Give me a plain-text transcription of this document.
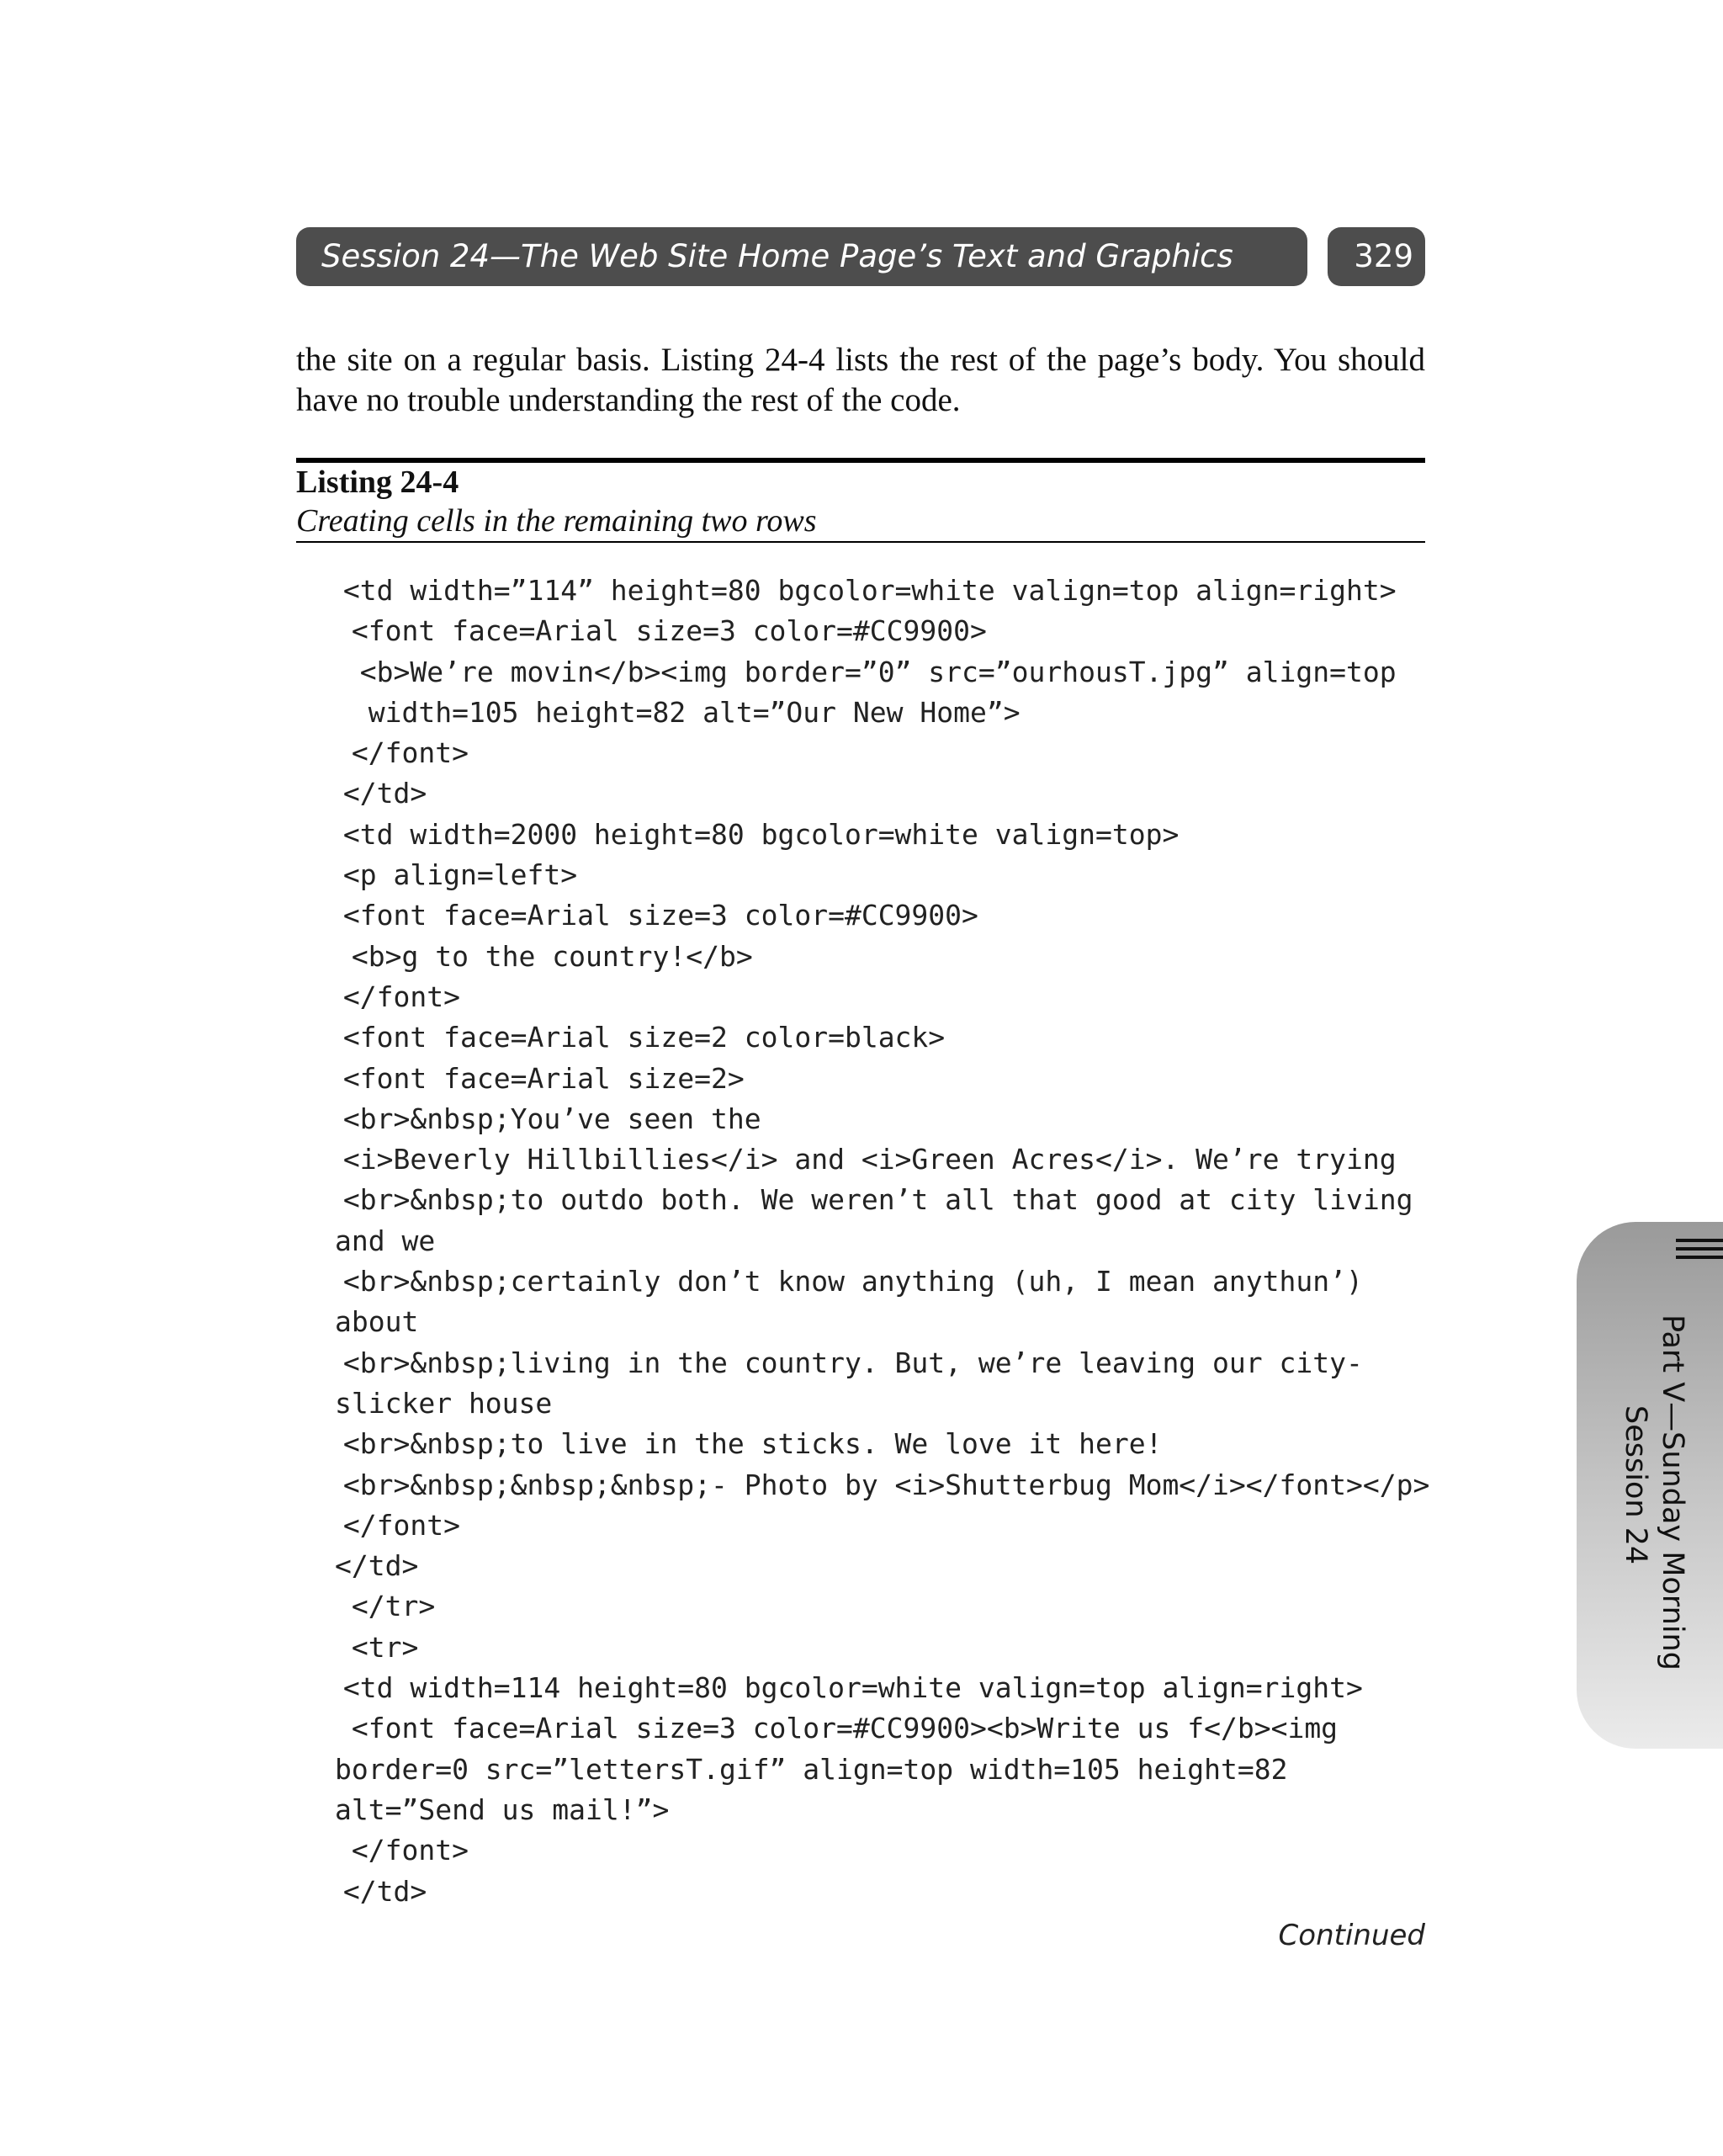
Session 24—The Web Site Home Page’s Text and Graphics	329

the site on a regular basis. Listing 24-4 lists the rest of the page’s body. You should have no trouble understanding the rest of the code.

Listing 24-4

Creating cells in the remaining two rows

<td width=”114” height=80 bgcolor=white valign=top align=right>
<font face=Arial size=3 color=#CC9900>
<b>We’re movin</b><img border=”0” src=”ourhousT.jpg” align=top
width=105 height=82 alt=”Our New Home”>
</font>
</td>
<td width=2000 height=80 bgcolor=white valign=top>
<p align=left>
<font face=Arial size=3 color=#CC9900>
<b>g to the country!</b>
</font>
<font face=Arial size=2 color=black>
<font face=Arial size=2>
<br>&nbsp;You’ve seen the
<i>Beverly Hillbillies</i> and <i>Green Acres</i>. We’re trying
<br>&nbsp;to outdo both. We weren’t all that good at city living
and we
<br>&nbsp;certainly don’t know anything (uh, I mean anythun’)
about
<br>&nbsp;living in the country. But, we’re leaving our city-
slicker house
<br>&nbsp;to live in the sticks. We love it here!
<br>&nbsp;&nbsp;&nbsp;- Photo by <i>Shutterbug Mom</i></font></p>
</font>
</td>
</tr>
<tr>
<td width=114 height=80 bgcolor=white valign=top align=right>
<font face=Arial size=3 color=#CC9900><b>Write us f</b><img
border=0 src=”lettersT.gif” align=top width=105 height=82
alt=”Send us mail!”>
</font>
</td>
Continued
Part V—Sunday Morning
Session 24
